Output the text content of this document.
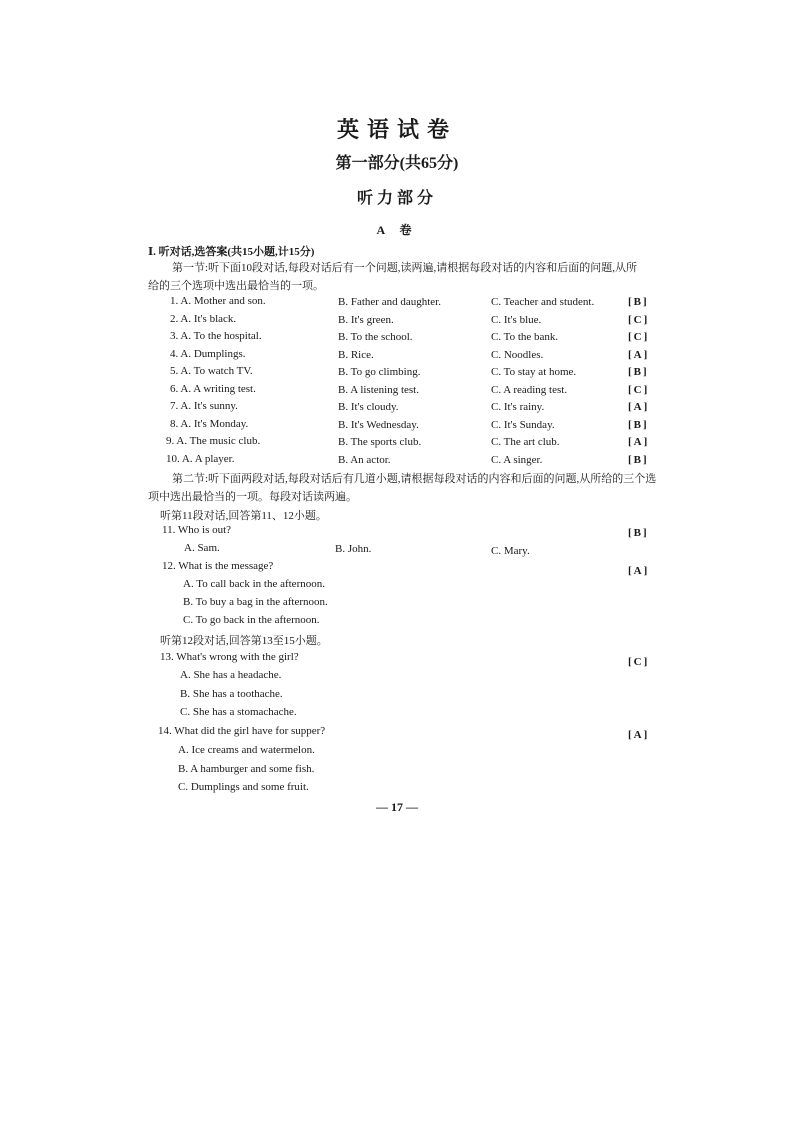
英语试卷
第一部分(共65分)
听力部分
A 卷
Ⅰ. 听对话,选答案(共15小题,计15分)
第一节:听下面10段对话,每段对话后有一个问题,读两遍,请根据每段对话的内容和后面的问题,从所给的三个选项中选出最恰当的一项。
1. A. Mother and son.	B. Father and daughter.	C. Teacher and student.	[B]
2. A. It's black.	B. It's green.	C. It's blue.	[C]
3. A. To the hospital.	B. To the school.	C. To the bank.	[C]
4. A. Dumplings.	B. Rice.	C. Noodles.	[A]
5. A. To watch TV.	B. To go climbing.	C. To stay at home.	[B]
6. A. A writing test.	B. A listening test.	C. A reading test.	[C]
7. A. It's sunny.	B. It's cloudy.	C. It's rainy.	[A]
8. A. It's Monday.	B. It's Wednesday.	C. It's Sunday.	[B]
9. A. The music club.	B. The sports club.	C. The art club.	[A]
10. A. A player.	B. An actor.	C. A singer.	[B]
第二节:听下面两段对话,每段对话后有几道小题,请根据每段对话的内容和后面的问题,从所给的三个选项中选出最恰当的一项。每段对话读两遍。
听第11段对话,回答第11、12小题。
11. Who is out?	[B]
A. Sam.	B. John.	C. Mary.
12. What is the message?	[A]
A. To call back in the afternoon.
B. To buy a bag in the afternoon.
C. To go back in the afternoon.
听第12段对话,回答第13至15小题。
13. What's wrong with the girl?	[C]
A. She has a headache.
B. She has a toothache.
C. She has a stomachache.
14. What did the girl have for supper?	[A]
A. Ice creams and watermelon.
B. A hamburger and some fish.
C. Dumplings and some fruit.
— 17 —
